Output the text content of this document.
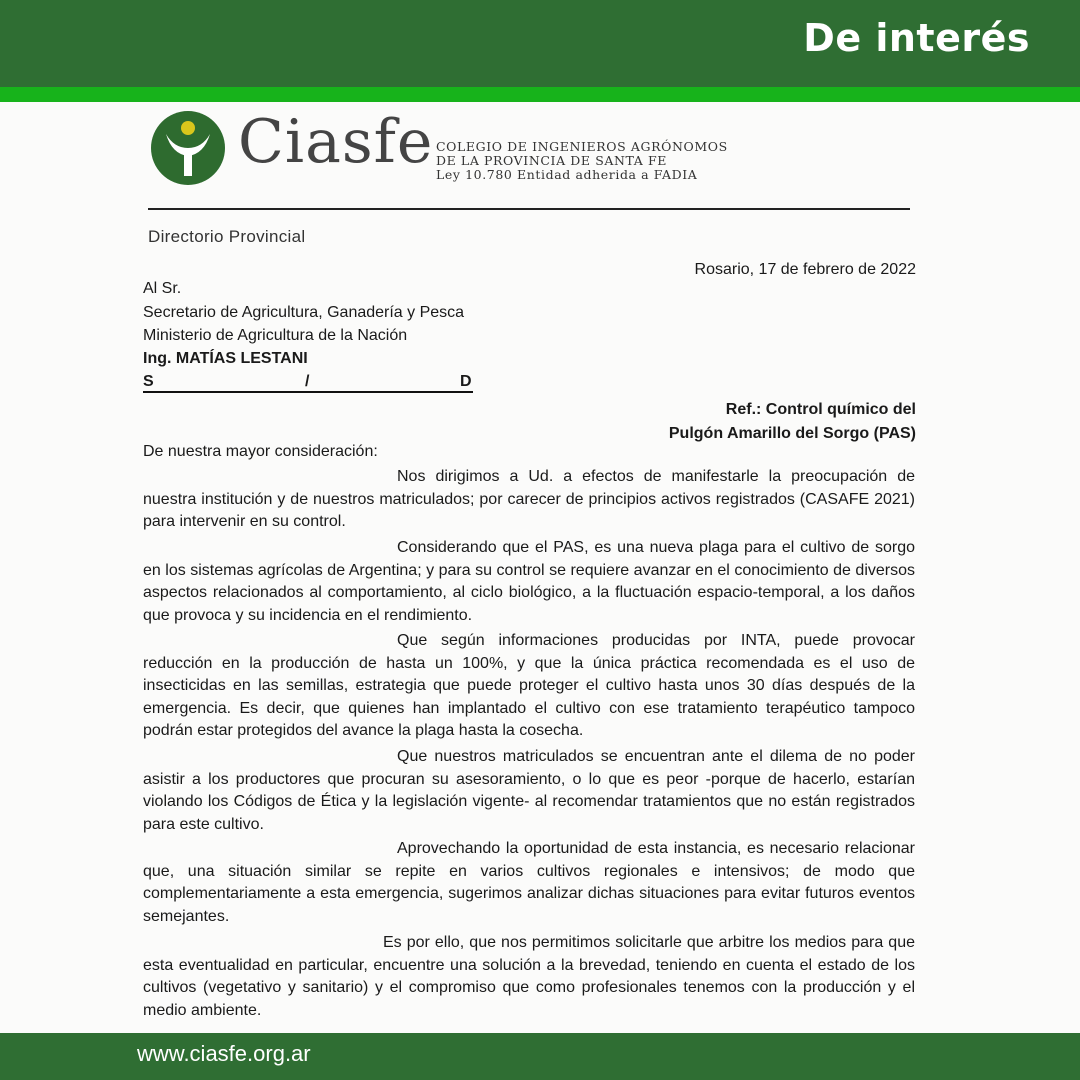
De interés
Ciasfe COLEGIO DE INGENIEROS AGRÓNOMOS
DE LA PROVINCIA DE SANTA FE
Ley 10.780 Entidad adherida a FADIA
Directorio Provincial
Rosario, 17 de febrero de 2022
Al Sr.
Secretario de Agricultura, Ganadería y Pesca
Ministerio de Agricultura de la Nación
Ing. MATÍAS LESTANI
S	/	D
Ref.: Control químico del
Pulgón Amarillo del Sorgo (PAS)
De nuestra mayor consideración:
Nos dirigimos a Ud. a efectos de manifestarle la preocupación de nuestra institución y de nuestros matriculados; por carecer de principios activos registrados (CASAFE 2021) para intervenir en su control.
Considerando que el PAS, es una nueva plaga para el cultivo de sorgo en los sistemas agrícolas de Argentina; y para su control se requiere avanzar en el conocimiento de diversos aspectos relacionados al comportamiento, al ciclo biológico, a la fluctuación espacio-temporal, a los daños que provoca y su incidencia en el rendimiento.
Que según informaciones producidas por INTA, puede provocar reducción en la producción de hasta un 100%, y que la única práctica recomendada es el uso de insecticidas en las semillas, estrategia que puede proteger el cultivo hasta unos 30 días después de la emergencia. Es decir, que quienes han implantado el cultivo con ese tratamiento terapéutico tampoco podrán estar protegidos del avance la plaga hasta la cosecha.
Que nuestros matriculados se encuentran ante el dilema de no poder asistir a los productores que procuran su asesoramiento, o lo que es peor -porque de hacerlo, estarían violando los Códigos de Ética y la legislación vigente- al recomendar tratamientos que no están registrados para este cultivo.
Aprovechando la oportunidad de esta instancia, es necesario relacionar que, una situación similar se repite en varios cultivos regionales e intensivos; de modo que complementariamente a esta emergencia, sugerimos analizar dichas situaciones para evitar futuros eventos semejantes.
Es por ello, que nos permitimos solicitarle que arbitre los medios para que esta eventualidad en particular, encuentre una solución a la brevedad, teniendo en cuenta el estado de los cultivos (vegetativo y sanitario) y el compromiso que como profesionales tenemos con la producción y el medio ambiente.
www.ciasfe.org.ar
